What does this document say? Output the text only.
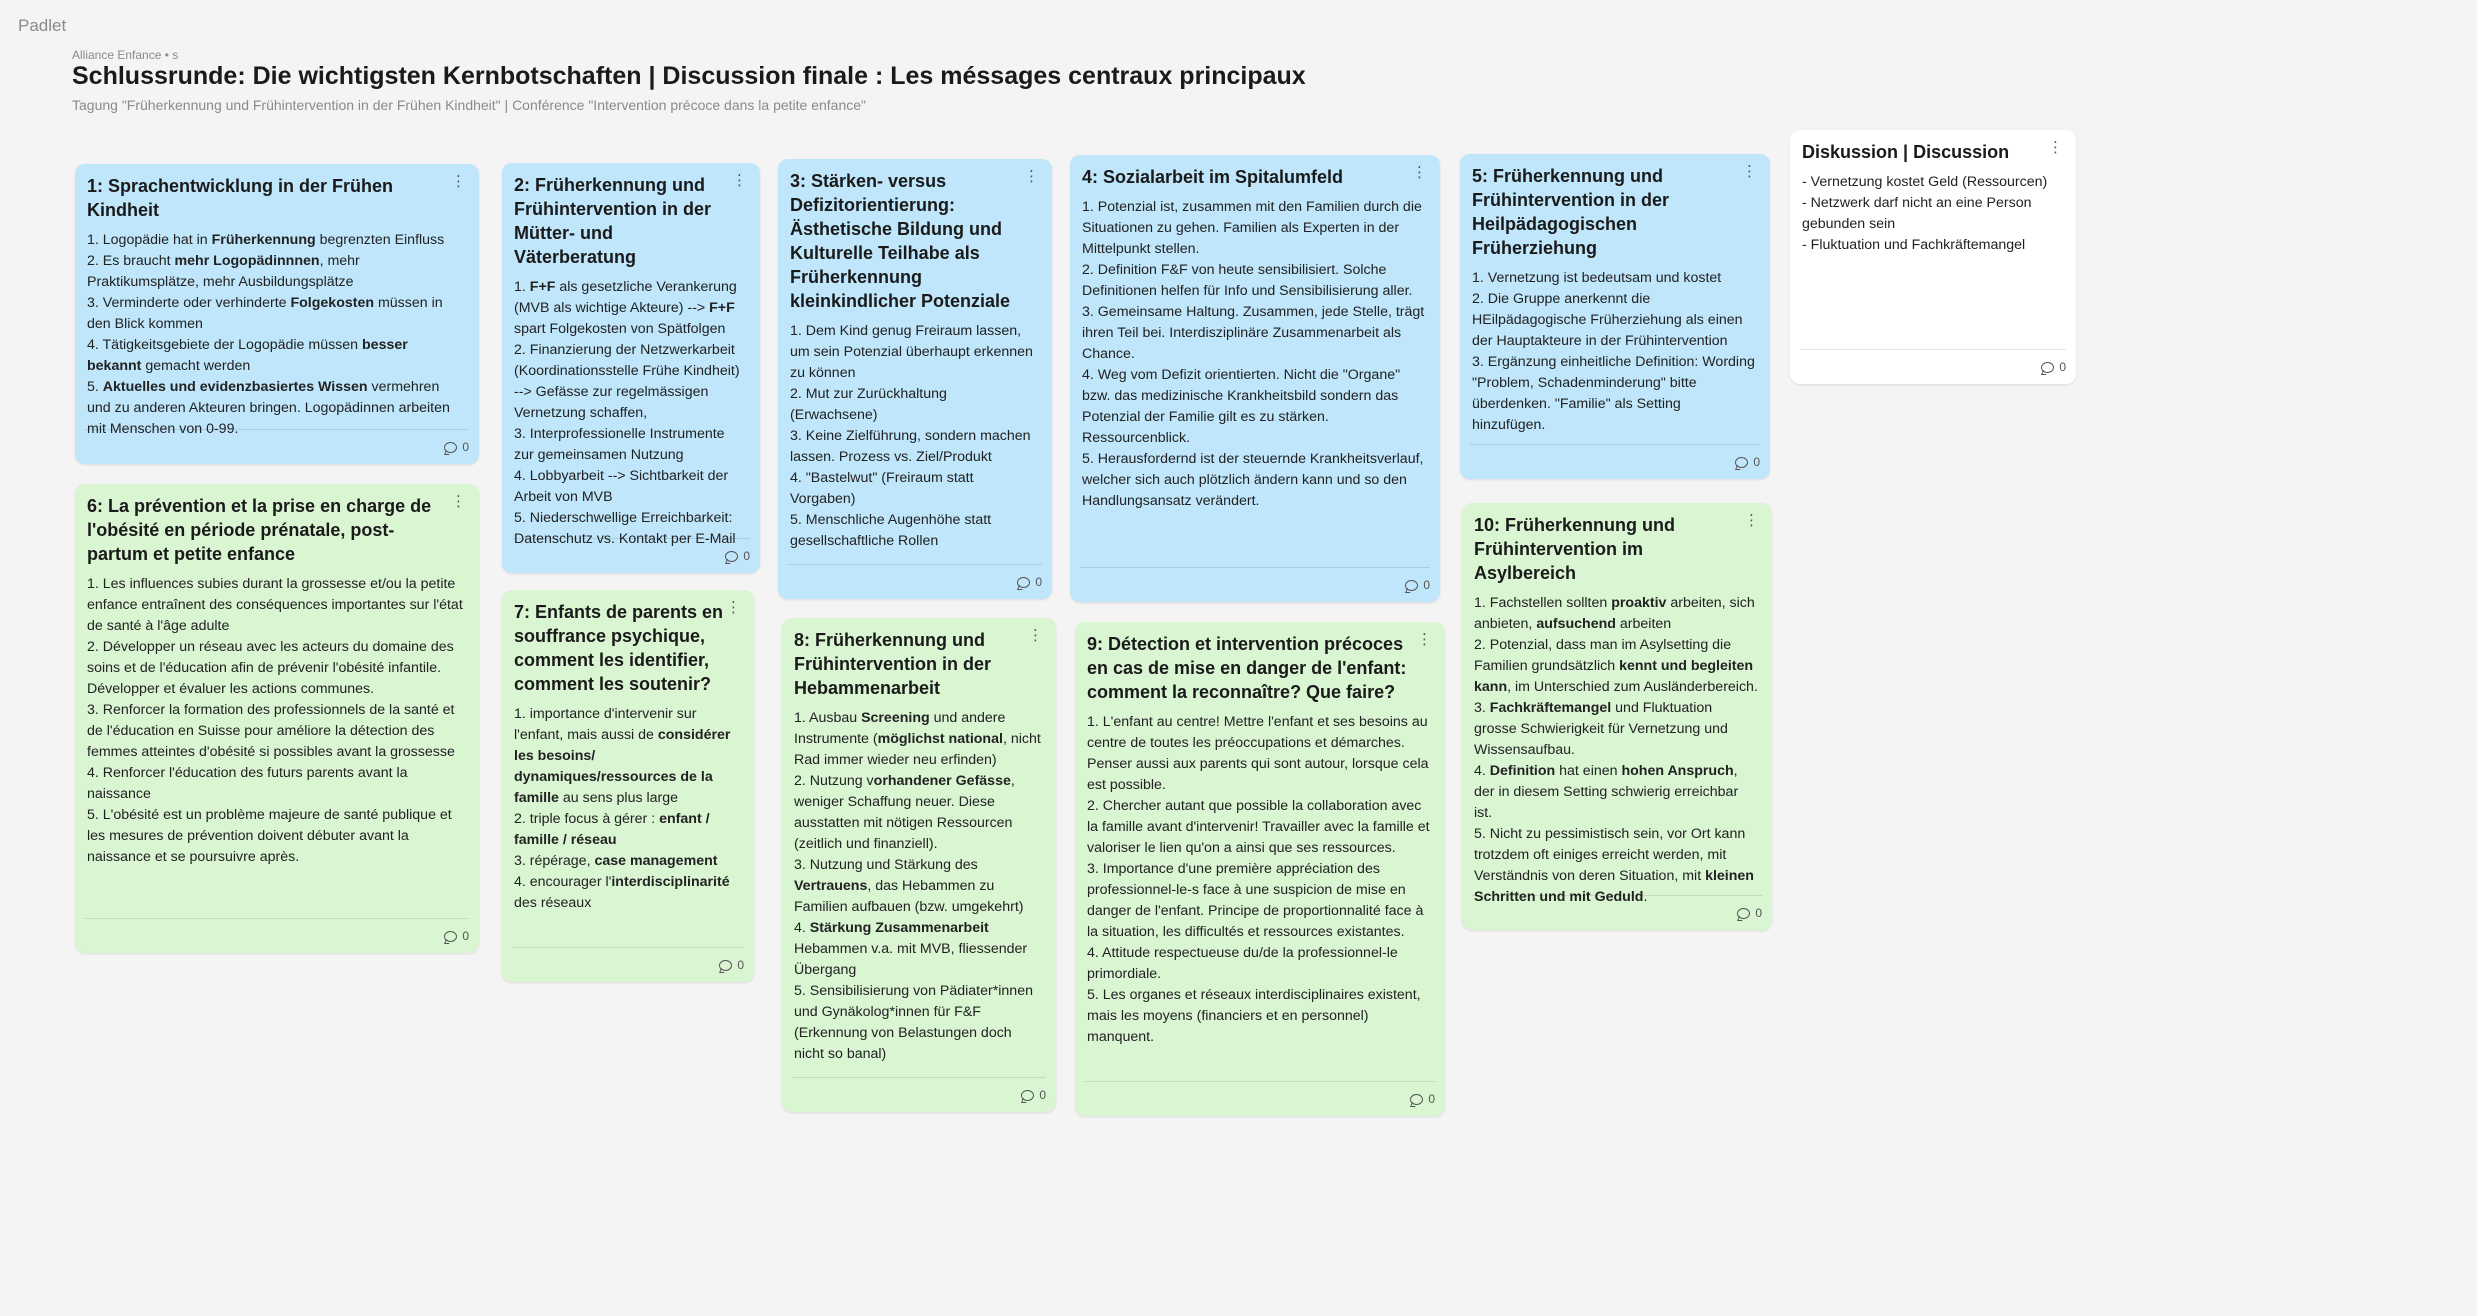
Padlet
Alliance Enfance • s
Schlussrunde: Die wichtigsten Kernbotschaften | Discussion finale : Les méssages centraux principaux
Tagung "Früherkennung und Frühintervention in der Frühen Kindheit" | Conférence "Intervention précoce dans la petite enfance"
1: Sprachentwicklung in der Frühen Kindheit
⋮

1. Logopädie hat in Früherkennung begrenzten Einfluss

2. Es braucht mehr Logopädinnnen, mehr Praktikumsplätze, mehr Ausbildungsplätze

3. Verminderte oder verhinderte Folgekosten müssen in den Blick kommen

4. Tätigkeitsgebiete der Logopädie müssen besser bekannt gemacht werden

5. Aktuelles und evidenzbasiertes Wissen vermehren und zu anderen Akteuren bringen. Logopädinnen arbeiten mit Menschen von 0-99.

0
6: La prévention et la prise en charge de l'obésité en période prénatale, post-partum et petite enfance
⋮

1. Les influences subies durant la grossesse et/ou la petite enfance entraînent des conséquences importantes sur l'état de santé à l'âge adulte

2. Développer un réseau avec les acteurs du domaine des soins et de l'éducation afin de prévenir l'obésité infantile. Développer et évaluer les actions communes.

3. Renforcer la formation des professionnels de la santé et de l'éducation en Suisse pour améliore la détection des femmes atteintes d'obésité si possibles avant la grossesse

4. Renforcer l'éducation des futurs parents avant la naissance

5. L'obésité est un problème majeure de santé publique et les mesures de prévention doivent débuter avant la naissance et se poursuivre après.

0
2: Früherkennung und Frühintervention in der Mütter- und Väterberatung
⋮

1. F+F als gesetzliche Verankerung (MVB als wichtige Akteure) --> F+F spart Folgekosten von Spätfolgen

2. Finanzierung der Netzwerkarbeit (Koordinationsstelle Frühe Kindheit) --> Gefässe zur regelmässigen Vernetzung schaffen,

3. Interprofessionelle Instrumente zur gemeinsamen Nutzung

4. Lobbyarbeit --> Sichtbarkeit der Arbeit von MVB

5. Niederschwellige Erreichbarkeit: Datenschutz vs. Kontakt per E-Mail

0
7: Enfants de parents en souffrance psychique, comment les identifier, comment les soutenir?
⋮

1. importance d'intervenir sur l'enfant, mais aussi de considérer les besoins/ dynamiques/ressources de la famille au sens plus large

2. triple focus à gérer : enfant / famille / réseau

3. répérage, case management

4. encourager l'interdisciplinarité des réseaux

0
3: Stärken- versus Defizitorientierung: Ästhetische Bildung und Kulturelle Teilhabe als Früherkennung kleinkindlicher Potenziale
⋮

1. Dem Kind genug Freiraum lassen, um sein Potenzial überhaupt erkennen zu können

2. Mut zur Zurückhaltung (Erwachsene)

3. Keine Zielführung, sondern machen lassen. Prozess vs. Ziel/Produkt

4. "Bastelwut" (Freiraum statt Vorgaben)

5. Menschliche Augenhöhe statt gesellschaftliche Rollen

0
8: Früherkennung und Frühintervention in der Hebammenarbeit
⋮

1. Ausbau Screening und andere Instrumente (möglichst national, nicht Rad immer wieder neu erfinden)

2. Nutzung vorhandener Gefässe, weniger Schaffung neuer. Diese ausstatten mit nötigen Ressourcen (zeitlich und finanziell).

3. Nutzung und Stärkung des Vertrauens, das Hebammen zu Familien aufbauen (bzw. umgekehrt)

4. Stärkung Zusammenarbeit Hebammen v.a. mit MVB, fliessender Übergang

5. Sensibilisierung von Pädiater*innen und Gynäkolog*innen für F&F (Erkennung von Belastungen doch nicht so banal)

0
4: Sozialarbeit im Spitalumfeld	⋮

1. Potenzial ist, zusammen mit den Familien durch die Situationen zu gehen. Familien als Experten in der Mittelpunkt stellen.

2. Definition F&F von heute sensibilisiert. Solche Definitionen helfen für Info und Sensibilisierung aller.

3. Gemeinsame Haltung. Zusammen, jede Stelle, trägt ihren Teil bei. Interdisziplinäre Zusammenarbeit als Chance.

4. Weg vom Defizit orientierten. Nicht die "Organe" bzw. das medizinische Krankheitsbild sondern das Potenzial der Familie gilt es zu stärken. Ressourcenblick.

5. Herausfordernd ist der steuernde Krankheitsverlauf, welcher sich auch plötzlich ändern kann und so den Handlungsansatz verändert.

0
9: Détection et intervention précoces en cas de mise en danger de l'enfant: comment la reconnaître? Que faire?
⋮

1. L'enfant au centre! Mettre l'enfant et ses besoins au centre de toutes les préoccupations et démarches. Penser aussi aux parents qui sont autour, lorsque cela est possible.

2. Chercher autant que possible la collaboration avec la famille avant d'intervenir! Travailler avec la famille et valoriser le lien qu'on a ainsi que ses ressources.

3. Importance d'une première appréciation des professionnel-le-s face à une suspicion de mise en danger de l'enfant. Principe de proportionnalité face à la situation, les difficultés et ressources existantes.

4. Attitude respectueuse du/de la professionnel-le primordiale.

5. Les organes et réseaux interdisciplinaires existent, mais les moyens (financiers et en personnel) manquent.

0
5: Früherkennung und Frühintervention in der Heilpädagogischen Früherziehung
⋮

1. Vernetzung ist bedeutsam und kostet

2. Die Gruppe anerkennt die HEilpädagogische Früherziehung als einen der Hauptakteure in der Frühintervention

3. Ergänzung einheitliche Definition: Wording "Problem, Schadenminderung" bitte überdenken. "Familie" als Setting hinzufügen.

0
10: Früherkennung und Frühintervention im Asylbereich
⋮

1. Fachstellen sollten proaktiv arbeiten, sich anbieten, aufsuchend arbeiten

2. Potenzial, dass man im Asylsetting die Familien grundsätzlich kennt und begleiten kann, im Unterschied zum Ausländerbereich.

3. Fachkräftemangel und Fluktuation grosse Schwierigkeit für Vernetzung und Wissensaufbau.

4. Definition hat einen hohen Anspruch, der in diesem Setting schwierig erreichbar ist.

5. Nicht zu pessimistisch sein, vor Ort kann trotzdem oft einiges erreicht werden, mit Verständnis von deren Situation, mit kleinen Schritten und mit Geduld.

0
Diskussion | Discussion	⋮

- Vernetzung kostet Geld (Ressourcen)

- Netzwerk darf nicht an eine Person gebunden sein

- Fluktuation und Fachkräftemangel

0
